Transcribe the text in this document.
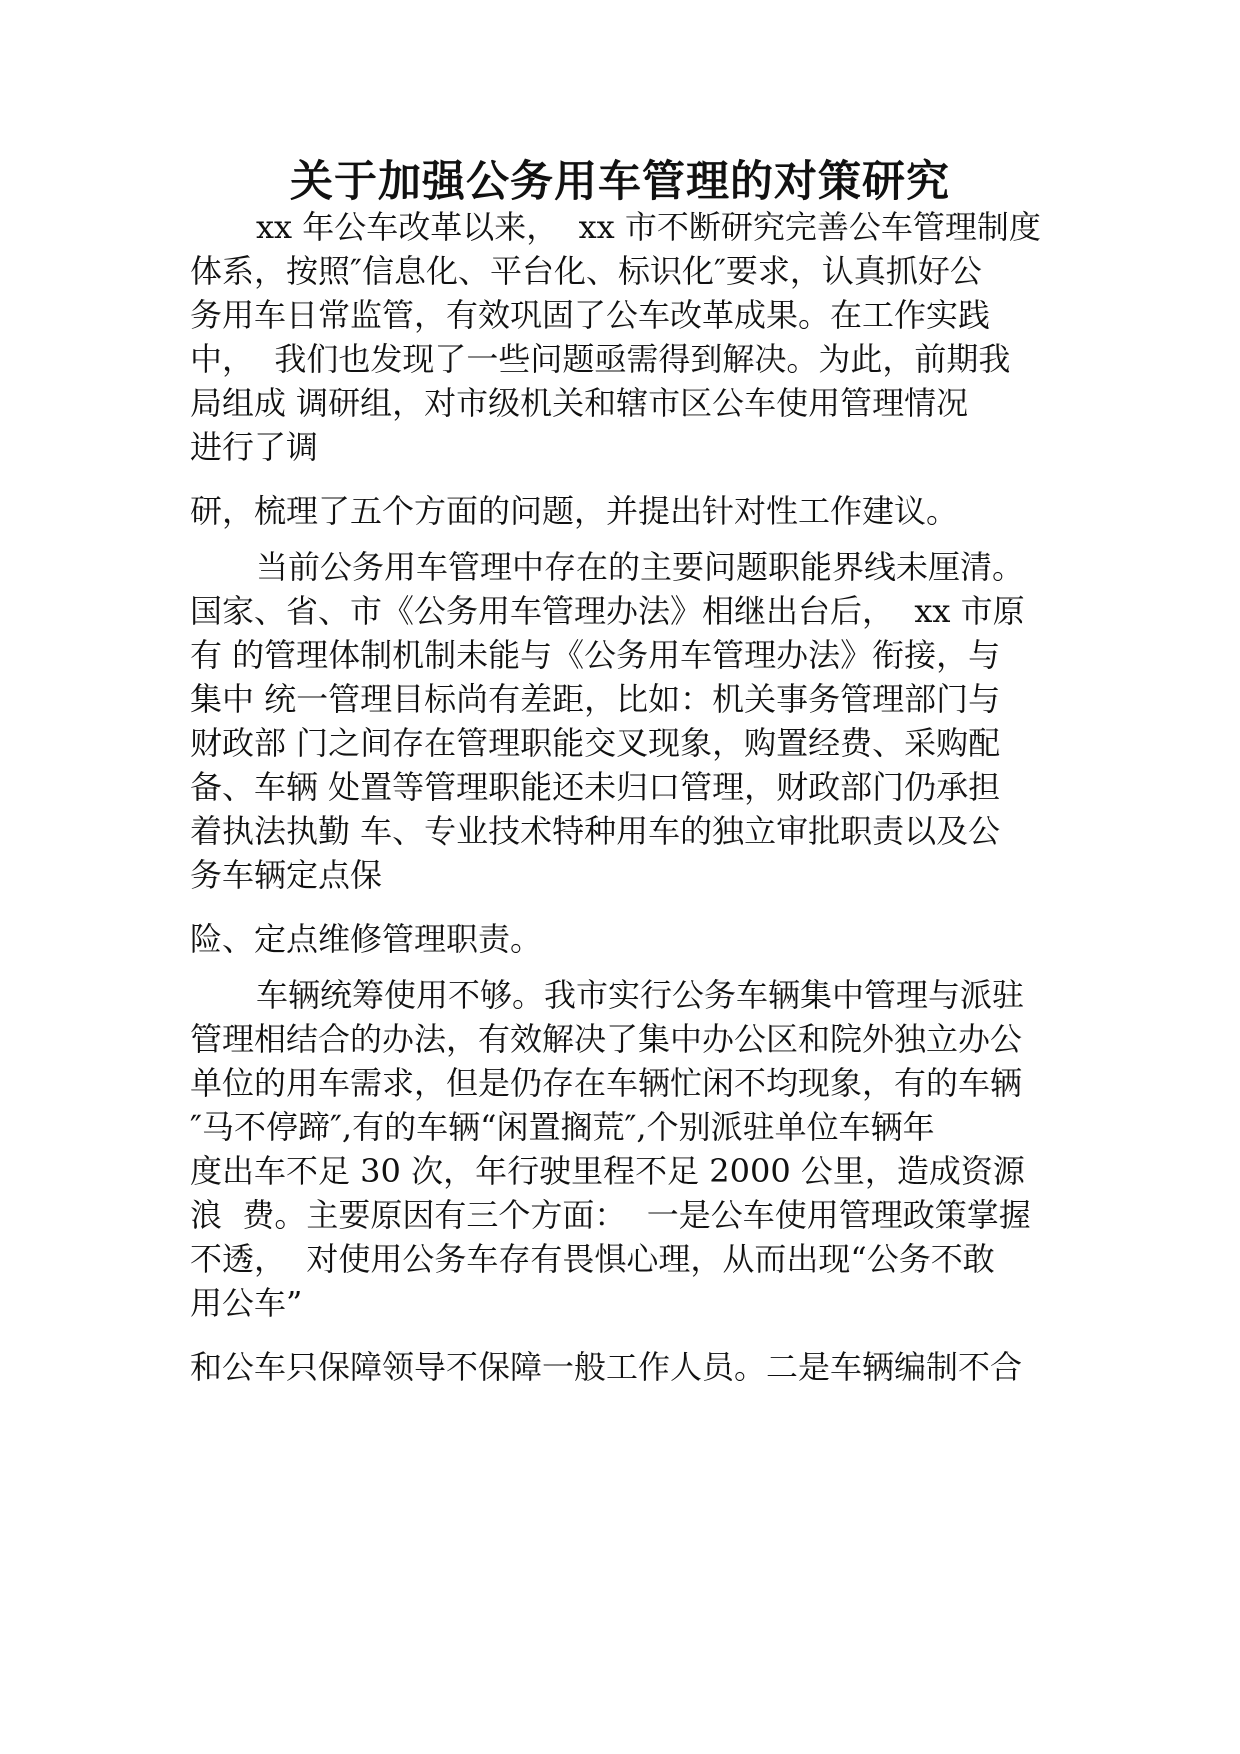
关于加强公务用车管理的对策研究
xx 年公车改革以来，  xx 市不断研究完善公车管理制度
体系，按照″信息化、平台化、标识化″要求，认真抓好公
务用车日常监管，有效巩固了公车改革成果。在工作实践
中，  我们也发现了一些问题亟需得到解决。为此，前期我
局组成 调研组，对市级机关和辖市区公车使用管理情况
进行了调
研，梳理了五个方面的问题，并提出针对性工作建议。
当前公务用车管理中存在的主要问题职能界线未厘清。
国家、省、市《公务用车管理办法》相继出台后，  xx 市原
有 的管理体制机制未能与《公务用车管理办法》衔接，与
集中 统一管理目标尚有差距，比如：机关事务管理部门与
财政部 门之间存在管理职能交叉现象，购置经费、采购配
备、车辆 处置等管理职能还未归口管理，财政部门仍承担
着执法执勤 车、专业技术特种用车的独立审批职责以及公
务车辆定点保
险、定点维修管理职责。
车辆统筹使用不够。我市实行公务车辆集中管理与派驻
管理相结合的办法，有效解决了集中办公区和院外独立办公
单位的用车需求，但是仍存在车辆忙闲不均现象，有的车辆
″马不停蹄″,有的车辆“闲置搁荒″,个别派驻单位车辆年
度出车不足 30 次，年行驶里程不足 2000 公里，造成资源
浪  费。主要原因有三个方面：  一是公车使用管理政策掌握
不透，  对使用公务车存有畏惧心理，从而出现“公务不敢
用公车”
和公车只保障领导不保障一般工作人员。二是车辆编制不合
